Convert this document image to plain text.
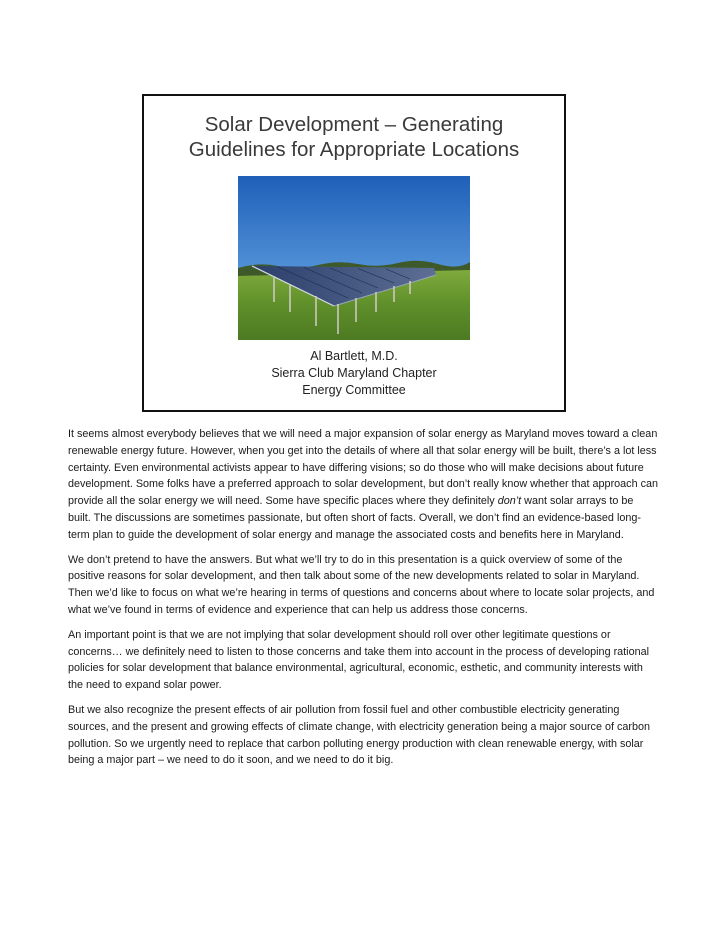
Solar Development – Generating
Guidelines for Appropriate Locations
Al Bartlett, M.D.
Sierra Club Maryland Chapter
Energy Committee

It seems almost everybody believes that we will need a major expansion of solar energy as Maryland moves toward a clean renewable energy future. However, when you get into the details of where all that solar energy will be built, there’s a lot less certainty. Even environmental activists appear to have differing visions; so do those who will make decisions about future development. Some folks have a preferred approach to solar development, but don’t really know whether that approach can provide all the solar energy we will need. Some have specific places where they definitely don’t want solar arrays to be built. The discussions are sometimes passionate, but often short of facts. Overall, we don’t find an evidence-based long-term plan to guide the development of solar energy and manage the associated costs and benefits here in Maryland.

We don’t pretend to have the answers. But what we’ll try to do in this presentation is a quick overview of some of the positive reasons for solar development, and then talk about some of the new developments related to solar in Maryland. Then we’d like to focus on what we’re hearing in terms of questions and concerns about where to locate solar projects, and what we’ve found in terms of evidence and experience that can help us address those concerns.

An important point is that we are not implying that solar development should roll over other legitimate questions or concerns… we definitely need to listen to those concerns and take them into account in the process of developing rational policies for solar development that balance environmental, agricultural, economic, esthetic, and community interests with the need to expand solar power.

But we also recognize the present effects of air pollution from fossil fuel and other combustible electricity generating sources, and the present and growing effects of climate change, with electricity generation being a major source of carbon pollution. So we urgently need to replace that carbon polluting energy production with clean renewable energy, with solar being a major part – we need to do it soon, and we need to do it big.
